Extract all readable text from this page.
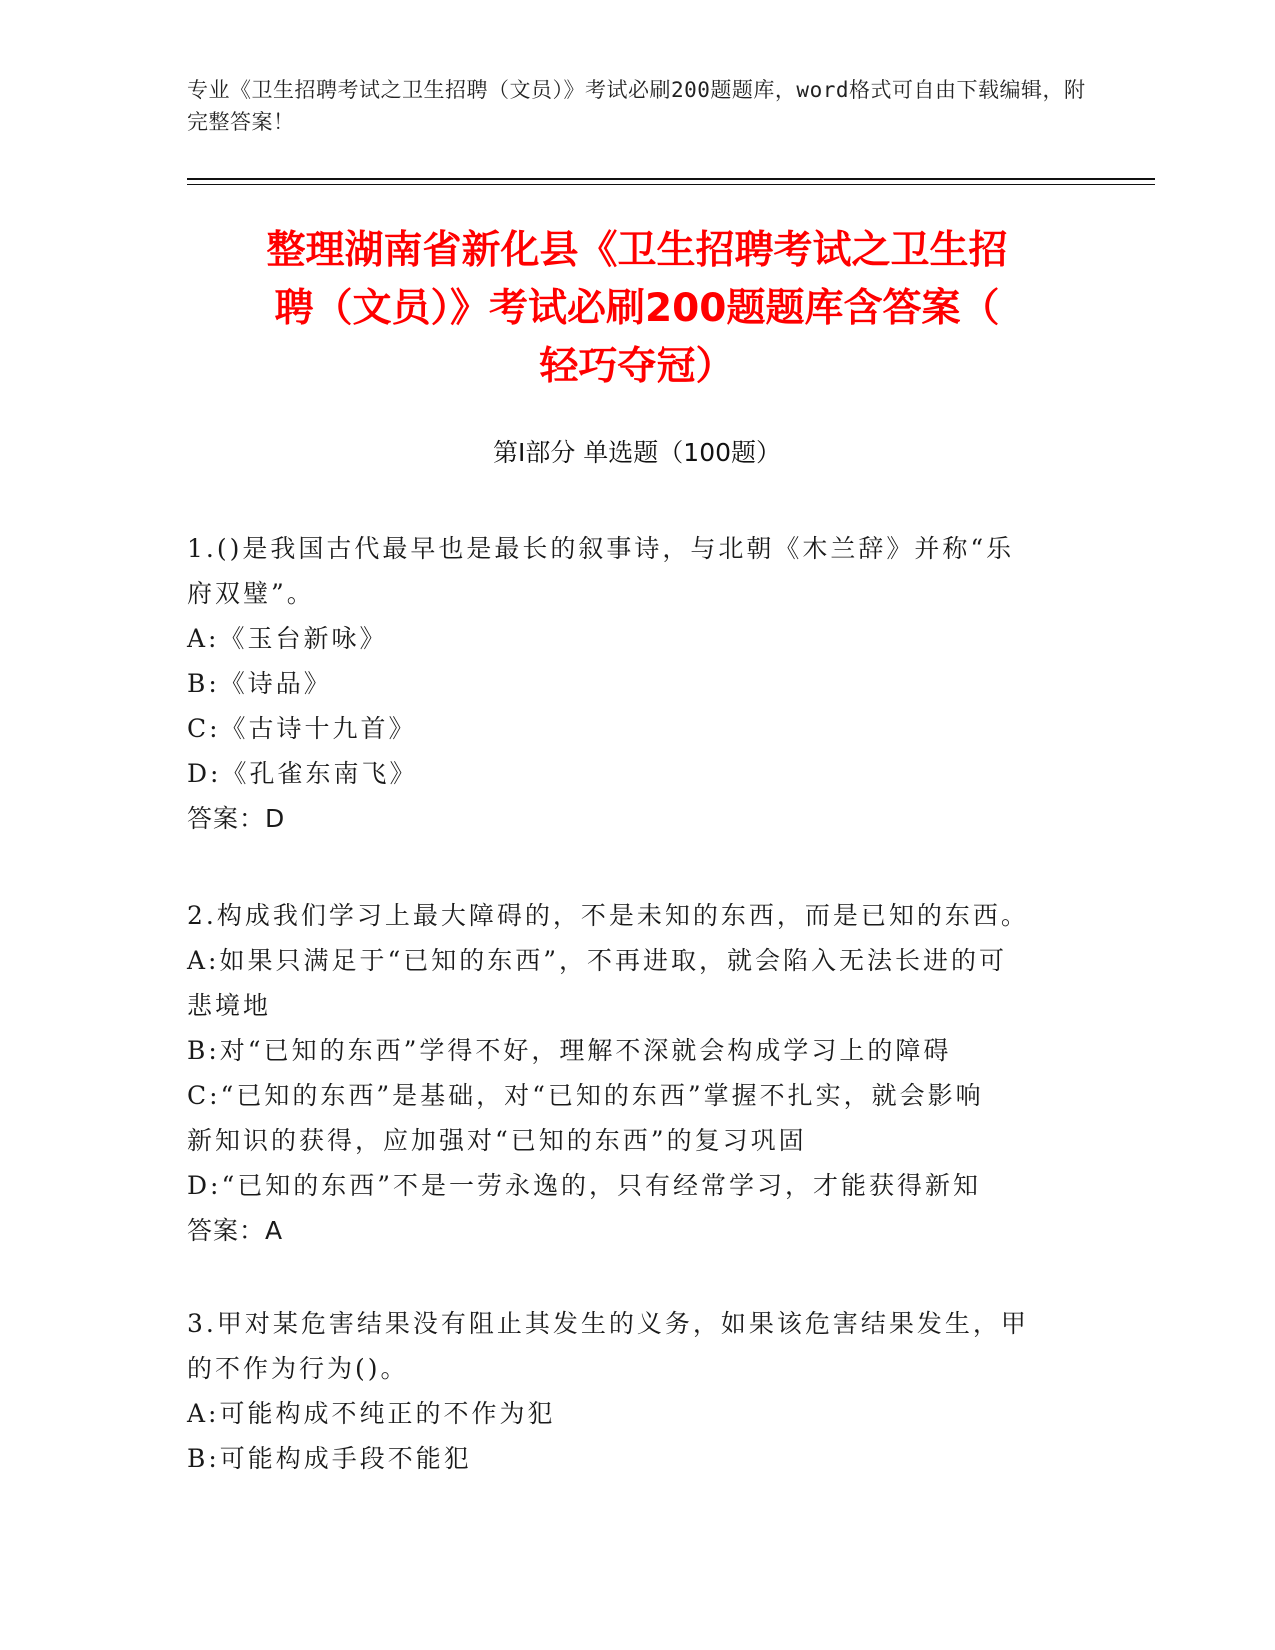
专业《卫生招聘考试之卫生招聘（文员）》考试必刷200题题库，word格式可自由下载编辑，附完整答案！
整理湖南省新化县《卫生招聘考试之卫生招
聘（文员）》考试必刷200题题库含答案（
轻巧夺冠）
第Ⅰ部分 单选题（100题）
1.()是我国古代最早也是最长的叙事诗，与北朝《木兰辞》并称“乐
府双璧”。
A:《玉台新咏》
B:《诗品》
C:《古诗十九首》
D:《孔雀东南飞》
答案：D
2.构成我们学习上最大障碍的，不是未知的东西，而是已知的东西。
A:如果只满足于“已知的东西”，不再进取，就会陷入无法长进的可
悲境地
B:对“已知的东西”学得不好，理解不深就会构成学习上的障碍
C:“已知的东西”是基础，对“已知的东西”掌握不扎实，就会影响
新知识的获得，应加强对“已知的东西”的复习巩固
D:“已知的东西”不是一劳永逸的，只有经常学习，才能获得新知
答案：A
3.甲对某危害结果没有阻止其发生的义务，如果该危害结果发生，甲
的不作为行为()。
A:可能构成不纯正的不作为犯
B:可能构成手段不能犯
